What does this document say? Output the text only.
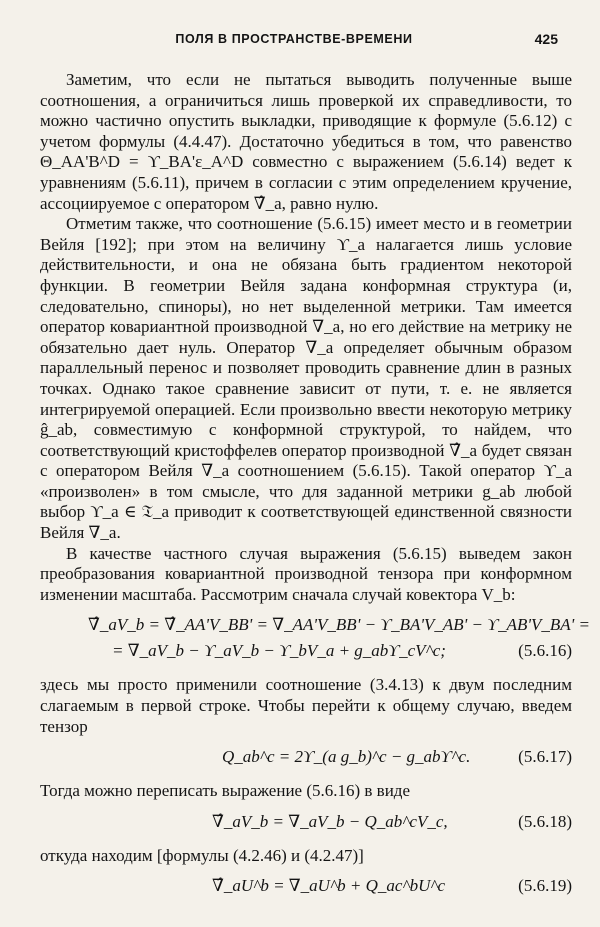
ПОЛЯ В ПРОСТРАНСТВЕ-ВРЕМЕНИ	425

Заметим, что если не пытаться выводить полученные выше соотношения, а ограничиться лишь проверкой их справедливости, то можно частично опустить выкладки, приводящие к формуле (5.6.12) с учетом формулы (4.4.47). Достаточно убедиться в том, что равенство Θ_AA'B^D = ϒ_BA'ε_A^D совместно с выражением (5.6.14) ведет к уравнениям (5.6.11), причем в согласии с этим определением кручение, ассоциируемое с оператором ∇̂_a, равно нулю.

Отметим также, что соотношение (5.6.15) имеет место и в геометрии Вейля [192]; при этом на величину ϒ_a налагается лишь условие действительности, и она не обязана быть градиентом некоторой функции. В геометрии Вейля задана конформная структура (и, следовательно, спиноры), но нет выделенной метрики. Там имеется оператор ковариантной производной ∇_a, но его действие на метрику не обязательно дает нуль. Оператор ∇_a определяет обычным образом параллельный перенос и позволяет проводить сравнение длин в разных точках. Однако такое сравнение зависит от пути, т. е. не является интегрируемой операцией. Если произвольно ввести некоторую метрику ĝ_ab, совместимую с конформной структурой, то найдем, что соответствующий кристоффелев оператор производной ∇̂_a будет связан с оператором Вейля ∇_a соотношением (5.6.15). Такой оператор ϒ_a «произволен» в том смысле, что для заданной метрики g_ab любой выбор ϒ_a ∈ 𝔗_a приводит к соответствующей единственной связности Вейля ∇_a.

В качестве частного случая выражения (5.6.15) выведем закон преобразования ковариантной производной тензора при конформном изменении масштаба. Рассмотрим сначала случай ковектора V_b:

∇̂_aV_b = ∇̂_AA'V_BB' = ∇_AA'V_BB' − ϒ_BA'V_AB' − ϒ_AB'V_BA' =
= ∇_aV_b − ϒ_aV_b − ϒ_bV_a + g_abϒ_cV^c;	(5.6.16)

здесь мы просто применили соотношение (3.4.13) к двум последним слагаемым в первой строке. Чтобы перейти к общему случаю, введем тензор

Q_ab^c = 2ϒ_(a g_b)^c − g_abϒ^c.	(5.6.17)

Тогда можно переписать выражение (5.6.16) в виде

∇̂_aV_b = ∇_aV_b − Q_ab^cV_c,	(5.6.18)

откуда находим [формулы (4.2.46) и (4.2.47)]

∇̂_aU^b = ∇_aU^b + Q_ac^bU^c	(5.6.19)
